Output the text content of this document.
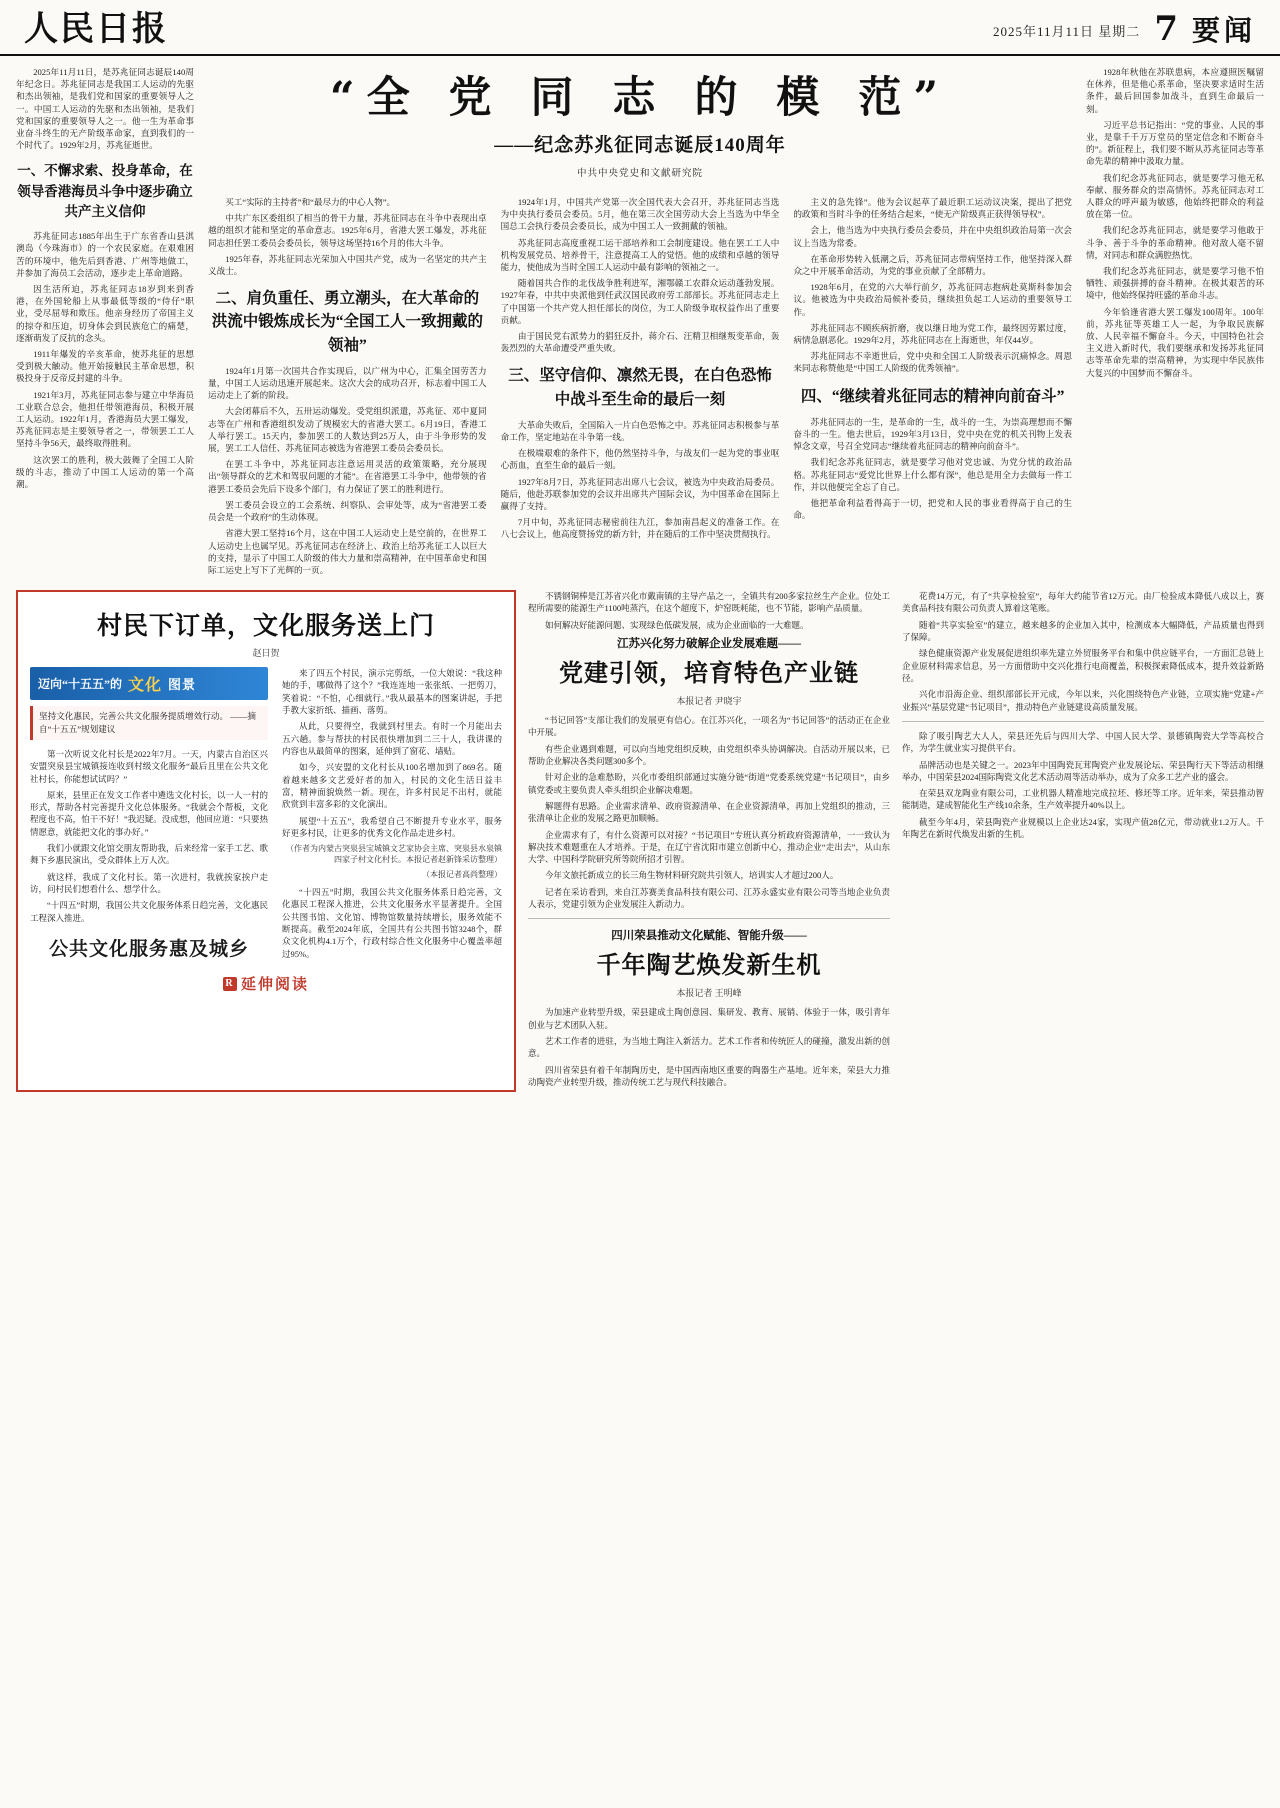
人民日报	2025年11月11日 星期二 7 要闻

2025年11月11日，是苏兆征同志诞辰140周年纪念日。苏兆征同志是我国工人运动的先驱和杰出领袖，是我们党和国家的重要领导人之一。中国工人运动的先驱和杰出领袖，是我们党和国家的重要领导人之一。他一生为革命事业奋斗终生的无产阶级革命家，直到我们的一个时代了。1929年2月，苏兆征逝世。

一、不懈求索、投身革命，在领导香港海员斗争中逐步确立共产主义信仰

苏兆征同志1885年出生于广东省香山县淇澳岛（今珠海市）的一个农民家庭。在艰难困苦的环境中，他先后到香港、广州等地做工，并参加了海员工会活动，逐步走上革命道路。

因生活所迫，苏兆征同志18岁到来到香港，在外国轮船上从事最低等级的“侍仔”职业，受尽屈辱和欺压。他亲身经历了帝国主义的掠夺和压迫，切身体会到民族危亡的痛楚，逐渐萌发了反抗的念头。

1911年爆发的辛亥革命，使苏兆征的思想受到极大触动。他开始接触民主革命思想，积极投身于反帝反封建的斗争。

1921年3月，苏兆征同志参与建立中华海员工业联合总会，他担任带领港海员，积极开展工人运动。1922年1月，香港海员大罢工爆发，苏兆征同志是主要领导者之一，带领罢工工人坚持斗争56天，最终取得胜利。

这次罢工的胜利，极大鼓舞了全国工人阶级的斗志，推动了中国工人运动的第一个高潮。

“全 党 同 志 的 模 范”
——纪念苏兆征同志诞辰140周年
中共中央党史和文献研究院

买工“实际的主持者”和“最尽力的中心人物”。

中共广东区委组织了相当的骨干力量，苏兆征同志在斗争中表现出卓越的组织才能和坚定的革命意志。1925年6月，省港大罢工爆发，苏兆征同志担任罢工委员会委员长，领导这场坚持16个月的伟大斗争。

1925年春，苏兆征同志光荣加入中国共产党，成为一名坚定的共产主义战士。

二、肩负重任、勇立潮头，在大革命的洪流中锻炼成长为“全国工人一致拥戴的领袖”

1924年1月第一次国共合作实现后，以广州为中心，汇集全国劳苦力量，中国工人运动迅速开展起来。这次大会的成功召开，标志着中国工人运动走上了新的阶段。

大会闭幕后不久，五卅运动爆发。受党组织派遣，苏兆征、邓中夏同志等在广州和香港组织发动了规模宏大的省港大罢工。6月19日，香港工人举行罢工。15天内，参加罢工的人数达到25万人，由于斗争形势的发展，罢工工人信任、苏兆征同志被选为省港罢工委员会委员长。

在罢工斗争中，苏兆征同志注意运用灵活的政策策略，充分展现出“领导群众的艺术和驾驭问题的才能”。在省港罢工斗争中，他带领的省港罢工委员会先后下设多个部门，有力保证了罢工的胜利进行。

罢工委员会设立的工会系统、纠察队、会审处等，成为“省港罢工委员会是一个政府”的生动体现。

省港大罢工坚持16个月，这在中国工人运动史上是空前的，在世界工人运动史上也属罕见。苏兆征同志在经济上、政治上给苏兆征工人以巨大的支持，显示了中国工人阶级的伟大力量和崇高精神，在中国革命史和国际工运史上写下了光辉的一页。

1924年1月，中国共产党第一次全国代表大会召开，苏兆征同志当选为中央执行委员会委员。5月，他在第三次全国劳动大会上当选为中华全国总工会执行委员会委员长，成为中国工人一致拥戴的领袖。

苏兆征同志高度重视工运干部培养和工会制度建设。他在罢工工人中机构发展党员、培养骨干，注意提高工人的觉悟。他的成绩和卓越的领导能力，使他成为当时全国工人运动中最有影响的领袖之一。

随着国共合作的北伐战争胜利进军，湘鄂赣工农群众运动蓬勃发展。1927年春，中共中央派他到任武汉国民政府劳工部部长。苏兆征同志走上了中国第一个共产党人担任部长的岗位，为工人阶级争取权益作出了重要贡献。

由于国民党右派势力的猖狂反扑，蒋介石、汪精卫相继叛变革命，轰轰烈烈的大革命遭受严重失败。

三、坚守信仰、凛然无畏，在白色恐怖中战斗至生命的最后一刻

大革命失败后，全国陷入一片白色恐怖之中。苏兆征同志积极参与革命工作，坚定地站在斗争第一线。

在极端艰难的条件下，他仍然坚持斗争，与战友们一起为党的事业呕心沥血，直至生命的最后一刻。

1927年8月7日，苏兆征同志出席八七会议，被选为中央政治局委员。随后，他赴苏联参加党的会议并出席共产国际会议，为中国革命在国际上赢得了支持。

7月中旬，苏兆征同志秘密前往九江，参加南昌起义的准备工作。在八七会议上，他高度赞扬党的新方针，并在随后的工作中坚决贯彻执行。

主义的急先锋”。他为会议起草了最近职工运动议决案，提出了把党的政策和当时斗争的任务结合起来，“使无产阶级真正获得领导权”。

会上，他当选为中央执行委员会委员，并在中央组织政治局第一次会议上当选为常委。

在革命形势转入低潮之后，苏兆征同志带病坚持工作，他坚持深入群众之中开展革命活动，为党的事业贡献了全部精力。

1928年6月，在党的六大举行前夕，苏兆征同志抱病赴莫斯科参加会议。他被选为中央政治局候补委员，继续担负起工人运动的重要领导工作。

苏兆征同志不顾疾病折磨，夜以继日地为党工作，最终因劳累过度，病情急剧恶化。1929年2月，苏兆征同志在上海逝世，年仅44岁。

苏兆征同志不幸逝世后，党中央和全国工人阶级表示沉痛悼念。周恩来同志称赞他是“中国工人阶级的优秀领袖”。

四、“继续着兆征同志的精神向前奋斗”

苏兆征同志的一生，是革命的一生，战斗的一生，为崇高理想而不懈奋斗的一生。他去世后，1929年3月13日，党中央在党的机关刊物上发表悼念文章，号召全党同志“继续着兆征同志的精神向前奋斗”。

我们纪念苏兆征同志，就是要学习他对党忠诚、为党分忧的政治品格。苏兆征同志“爱党比世界上什么都有深”，他总是用全力去做每一件工作，并以他便完全忘了自己。

他把革命利益看得高于一切，把党和人民的事业看得高于自己的生命。

1928年秋他在苏联患病，本应遵照医嘱留在休养，但是他心系革命，坚决要求适时生活条件，最后回国参加战斗，直到生命最后一刻。

习近平总书记指出：“党的事业、人民的事业，是靠千千万万堂员的坚定信念和不断奋斗的”。新征程上，我们要不断从苏兆征同志等革命先辈的精神中汲取力量。

我们纪念苏兆征同志，就是要学习他无私奉献、服务群众的崇高情怀。苏兆征同志对工人群众的呼声最为敏感，他始终把群众的利益放在第一位。

我们纪念苏兆征同志，就是要学习他敢于斗争、善于斗争的革命精神。他对敌人毫不留情，对同志和群众满腔热忱。

我们纪念苏兆征同志，就是要学习他不怕牺牲、顽强拼搏的奋斗精神。在极其艰苦的环境中，他始终保持旺盛的革命斗志。

今年恰逢省港大罢工爆发100周年。100年前，苏兆征等英雄工人一起，为争取民族解放、人民幸福不懈奋斗。今天，中国特色社会主义进入新时代，我们要继承和发扬苏兆征同志等革命先辈的崇高精神，为实现中华民族伟大复兴的中国梦而不懈奋斗。

村民下订单，文化服务送上门
赵日贺
迈向“十五五”的 文化 图景
坚持文化惠民，完善公共文化服务提质增效行动。 ——摘自“十五五”规划建议

第一次听说文化村长是2022年7月。一天，内蒙古自治区兴安盟突泉县宝城镇接连收到村级文化服务“最后且里在公共文化社村长，你能想试试吗？”

原来，县里正在发文工作者中遴选文化村长，以一人一村的形式，帮助各村完善提升文化总体服务。“我就会个帮板，文化程度也不高，怕干不好！”我迟疑。没成想，他回应道：“只要热情愿意，就能把文化的事办好。”

我们小就跟文化馆交朋友帮助我，后来经常一家手工艺、歌舞下乡惠民演出，受众群体上万人次。

就这样，我成了文化村长。第一次进村，我就挨家挨户走访，问村民们想看什么、想学什么。

“十四五”时期，我国公共文化服务体系日趋完善，文化惠民工程深入推进。

公共文化服务惠及城乡

来了四五个村民，演示完剪纸，一位大娘说：“我这种她的手，哪做得了这个？”我连连地一张张纸、一把剪刀，笑着说：“不怕，心细就行。”我从最基本的图案讲起，手把手教大家折纸、描画、落剪。

从此，只要得空，我就到村里去。有时一个月能出去五六趟。参与帮扶的村民很快增加到二三十人，我讲课的内容也从最简单的图案，延伸到了窗花、墙贴。

如今，兴安盟的文化村长从100名增加到了869名。随着越来越多文艺爱好者的加入，村民的文化生活日益丰富，精神面貌焕然一新。现在，许多村民足不出村，就能欣赏到丰富多彩的文化演出。

展望“十五五”，我希望自己不断提升专业水平，服务好更多村民，让更多的优秀文化作品走进乡村。

（作者为内蒙古突泉县宝城镇文艺家协会主席、突泉县水泉镇四家子村文化村长。本报记者赵新锋采访整理）
（本报记者高尚整理）

“十四五”时期，我国公共文化服务体系日趋完善，文化惠民工程深入推进，公共文化服务水平显著提升。全国公共图书馆、文化馆、博物馆数量持续增长，服务效能不断提高。截至2024年底，全国共有公共图书馆3248个，群众文化机构4.1万个，行政村综合性文化服务中心覆盖率超过95%。

R 延伸阅读

不锈钢铜棒是江苏省兴化市戴南镇的主导产品之一，全镇共有200多家拉丝生产企业。位处工程所需要的能源生产1100吨蒸汽，在这个超度下，炉窑既耗能，也不节能，影响产品质量。

如何解决好能源问题、实现绿色低碳发展，成为企业面临的一大难题。

江苏兴化努力破解企业发展难题——
党建引领，培育特色产业链
本报记者 尹晓宇

“书记回答”支部让我们的发展更有信心。在江苏兴化，一项名为“书记回答”的活动正在企业中开展。

有些企业遇到难题，可以向当地党组织反映，由党组织牵头协调解决。自活动开展以来，已帮助企业解决各类问题300多个。

针对企业的急难愁盼，兴化市委组织部通过实施分链“街道”党委系统党建“书记项目”，由乡镇党委或主要负责人牵头组织企业解决难题。

解题得有思路。企业需求清单、政府资源清单、在企业资源清单，再加上党组织的推动，三张清单让企业的发展之路更加顺畅。

企业需求有了，有什么资源可以对接？“书记项目”专班认真分析政府资源清单，一一致认为解决技术难题重在人才培养。于是，在辽宁省沈阳市建立创新中心，推动企业“走出去”，从山东大学、中国科学院研究所等院所招才引智。

今年文旅托新成立的长三角生物材料研究院共引领人，培训实人才超过200人。

记者在采访看到，来自江苏赛美食品科技有限公司、江苏永盛实业有限公司等当地企业负责人表示，党建引领为企业发展注入新动力。

四川荣县推动文化赋能、智能升级——
千年陶艺焕发新生机
本报记者 王明峰

为加速产业转型升级，荣县建成土陶创意园、集研发、教育、展销、体验于一体，吸引青年创业与艺术团队入驻。

艺术工作者的进驻，为当地土陶注入新活力。艺术工作者和传统匠人的碰撞，激发出新的创意。

四川省荣县有着千年制陶历史，是中国西南地区重要的陶器生产基地。近年来，荣县大力推动陶瓷产业转型升级，推动传统工艺与现代科技融合。

花费14万元，有了“共享检验室”，每年大约能节省12万元。由厂检验成本降低八成以上，赛美食品科技有限公司负责人算着这笔账。

随着“共享实验室”的建立，越来越多的企业加入其中，检测成本大幅降低，产品质量也得到了保障。

绿色健康资源产业发展促进组织率先建立外贸服务平台和集中供应链平台，一方面汇总链上企业原材料需求信息，另一方面借助中交兴化推行电商覆盖，积极探索降低成本，提升效益新路径。

兴化市沿海企业、组织部部长开元成，今年以来，兴化围绕特色产业链，立项实施“党建+产业振兴”基层党建“书记项目”，推动特色产业链建设高质量发展。

除了吸引陶艺大人人，荣县还先后与四川大学、中国人民大学、景德镇陶瓷大学等高校合作，为学生就业实习提供平台。

品牌活动也是关键之一。2023年中国陶瓷瓦茸陶瓷产业发展论坛、荣县陶行天下等活动相继举办，中国荣县2024国际陶瓷文化艺术活动周等活动举办，成为了众多工艺产业的盛会。

在荣县双龙陶业有限公司，工业机器人精准地完成拉坯、修坯等工序。近年来，荣县推动智能制造，建成智能化生产线10余条，生产效率提升40%以上。

截至今年4月，荣县陶瓷产业规模以上企业达24家，实现产值28亿元，带动就业1.2万人。千年陶艺在新时代焕发出新的生机。
